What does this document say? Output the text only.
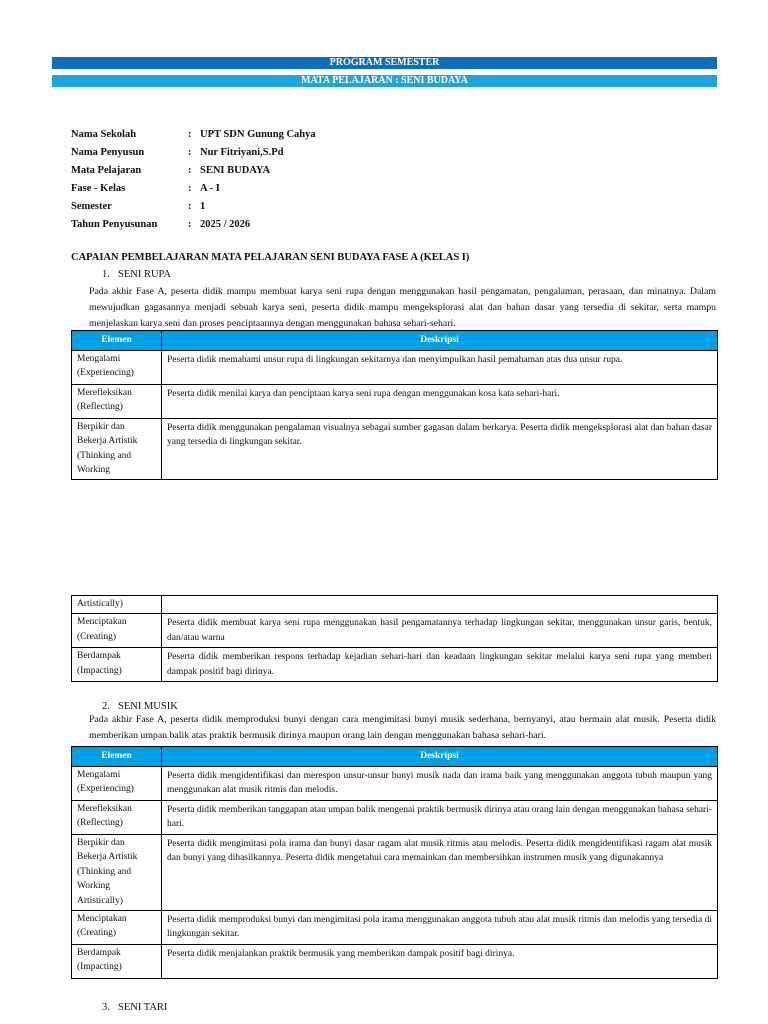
PROGRAM SEMESTER
MATA PELAJARAN : SENI BUDAYA
Nama Sekolah	:	UPT SDN Gunung Cahya
Nama Penyusun	:	Nur Fitriyani,S.Pd
Mata Pelajaran	:	SENI BUDAYA
Fase - Kelas	:	A - I
Semester	:	1
Tahun Penyusunan	:	2025 / 2026
CAPAIAN PEMBELAJARAN MATA PELAJARAN SENI BUDAYA FASE A (KELAS I)
1. SENI RUPA
Pada akhir Fase A, peserta didik mampu membuat karya seni rupa dengan menggunakan hasil pengamatan, pengalaman, perasaan, dan minatnya. Dalam mewujudkan gagasannya menjadi sebuah karya seni, peserta didik mampu mengeksplorasi alat dan bahan dasar yang tersedia di sekitar, serta mampu menjelaskan karya seni dan proses penciptaannya dengan menggunakan bahasa sehari-sehari.
Elemen	Deskripsi
Mengalami (Experiencing)	Peserta didik memahami unsur rupa di lingkungan sekitarnya dan menyimpulkan hasil pemahaman atas dua unsur rupa.
Merefleksikan (Reflecting)	Peserta didik menilai karya dan penciptaan karya seni rupa dengan menggunakan kosa kata sehari-hari.
Berpikir dan Bekerja Artistik (Thinking and Working	Peserta didik menggunakan pengalaman visualnya sebagai sumber gagasan dalam berkarya. Peserta didik mengeksplorasi alat dan bahan dasar yang tersedia di lingkungan sekitar.
Artistically)	
Menciptakan (Creating)	Peserta didik membuat karya seni rupa menggunakan hasil pengamatannya terhadap lingkungan sekitar, menggunakan unsur garis, bentuk, dan/atau warna
Berdampak (Impacting)	Peserta didik memberikan respons terhadap kejadian sehari-hari dan keadaan lingkungan sekitar melalui karya seni rupa yang memberi dampak positif bagi dirinya.
2. SENI MUSIK
Pada akhir Fase A, peserta didik memproduksi bunyi dengan cara mengimitasi bunyi musik sederhana, bernyanyi, atau bermain alat musik. Peserta didik memberikan umpan balik atas praktik bermusik dirinya maupun orang lain dengan menggunakan bahasa sehari-hari.
Elemen	Deskripsi
Mengalami (Experiencing)	Peserta didik mengidentifikasi dan merespon unsur-unsur bunyi musik nada dan irama baik yang menggunakan anggota tubuh maupun yang menggunakan alat musik ritmis dan melodis.
Merefleksikan (Reflecting)	Peserta didik memberikan tanggapan atau umpan balik mengenai praktik bermusik dirinya atau orang lain dengan menggunakan bahasa sehari-hari.
Berpikir dan Bekerja Artistik (Thinking and Working Artistically)	Peserta didik mengimitasi pola irama dan bunyi dasar ragam alat musik ritmis atau melodis. Peserta didik mengidentifikasi ragam alat musik dan bunyi yang dihasilkannya. Peserta didik mengetahui cara memainkan dan membersihkan instrumen musik yang digunakannya
Menciptakan (Creating)	Peserta didik memproduksi bunyi dan mengimitasi pola irama menggunakan anggota tubuh atau alat musik ritmis dan melodis yang tersedia di lingkungan sekitar.
Berdampak (Impacting)	Peserta didik menjalankan praktik bermusik yang memberikan dampak positif bagi dirinya.
3. SENI TARI
